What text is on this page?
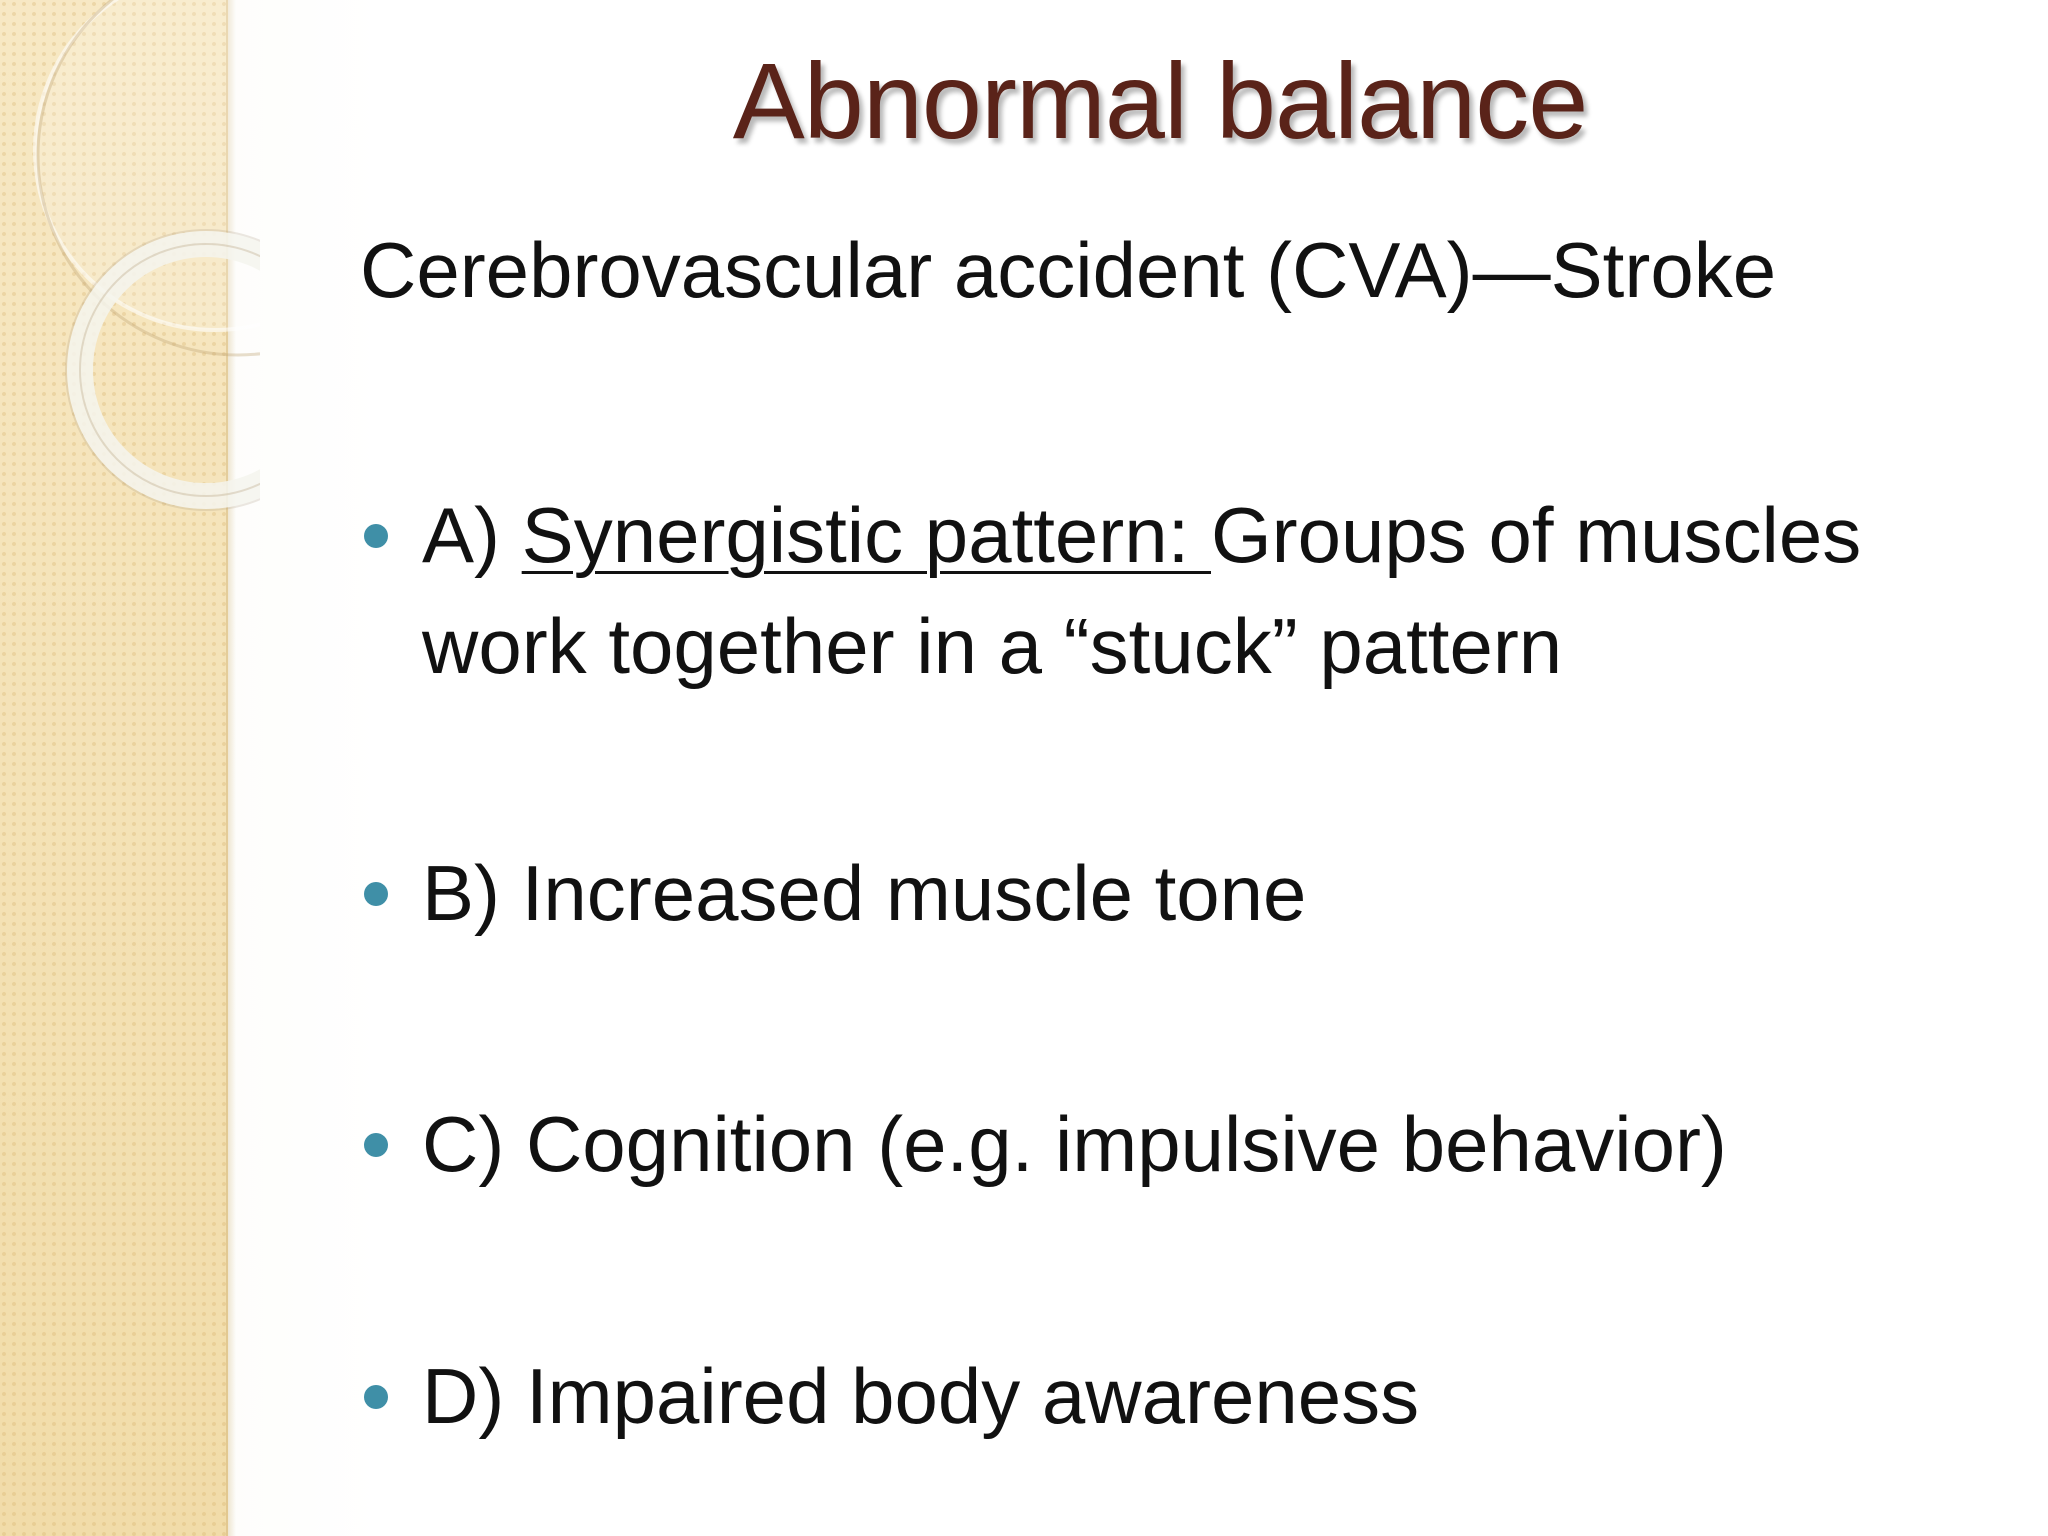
Abnormal balance

Cerebrovascular accident (CVA)—Stroke

A) Synergistic pattern: Groups of muscles work together in a “stuck” pattern
B) Increased muscle tone
C) Cognition (e.g. impulsive behavior)
D) Impaired body awareness
